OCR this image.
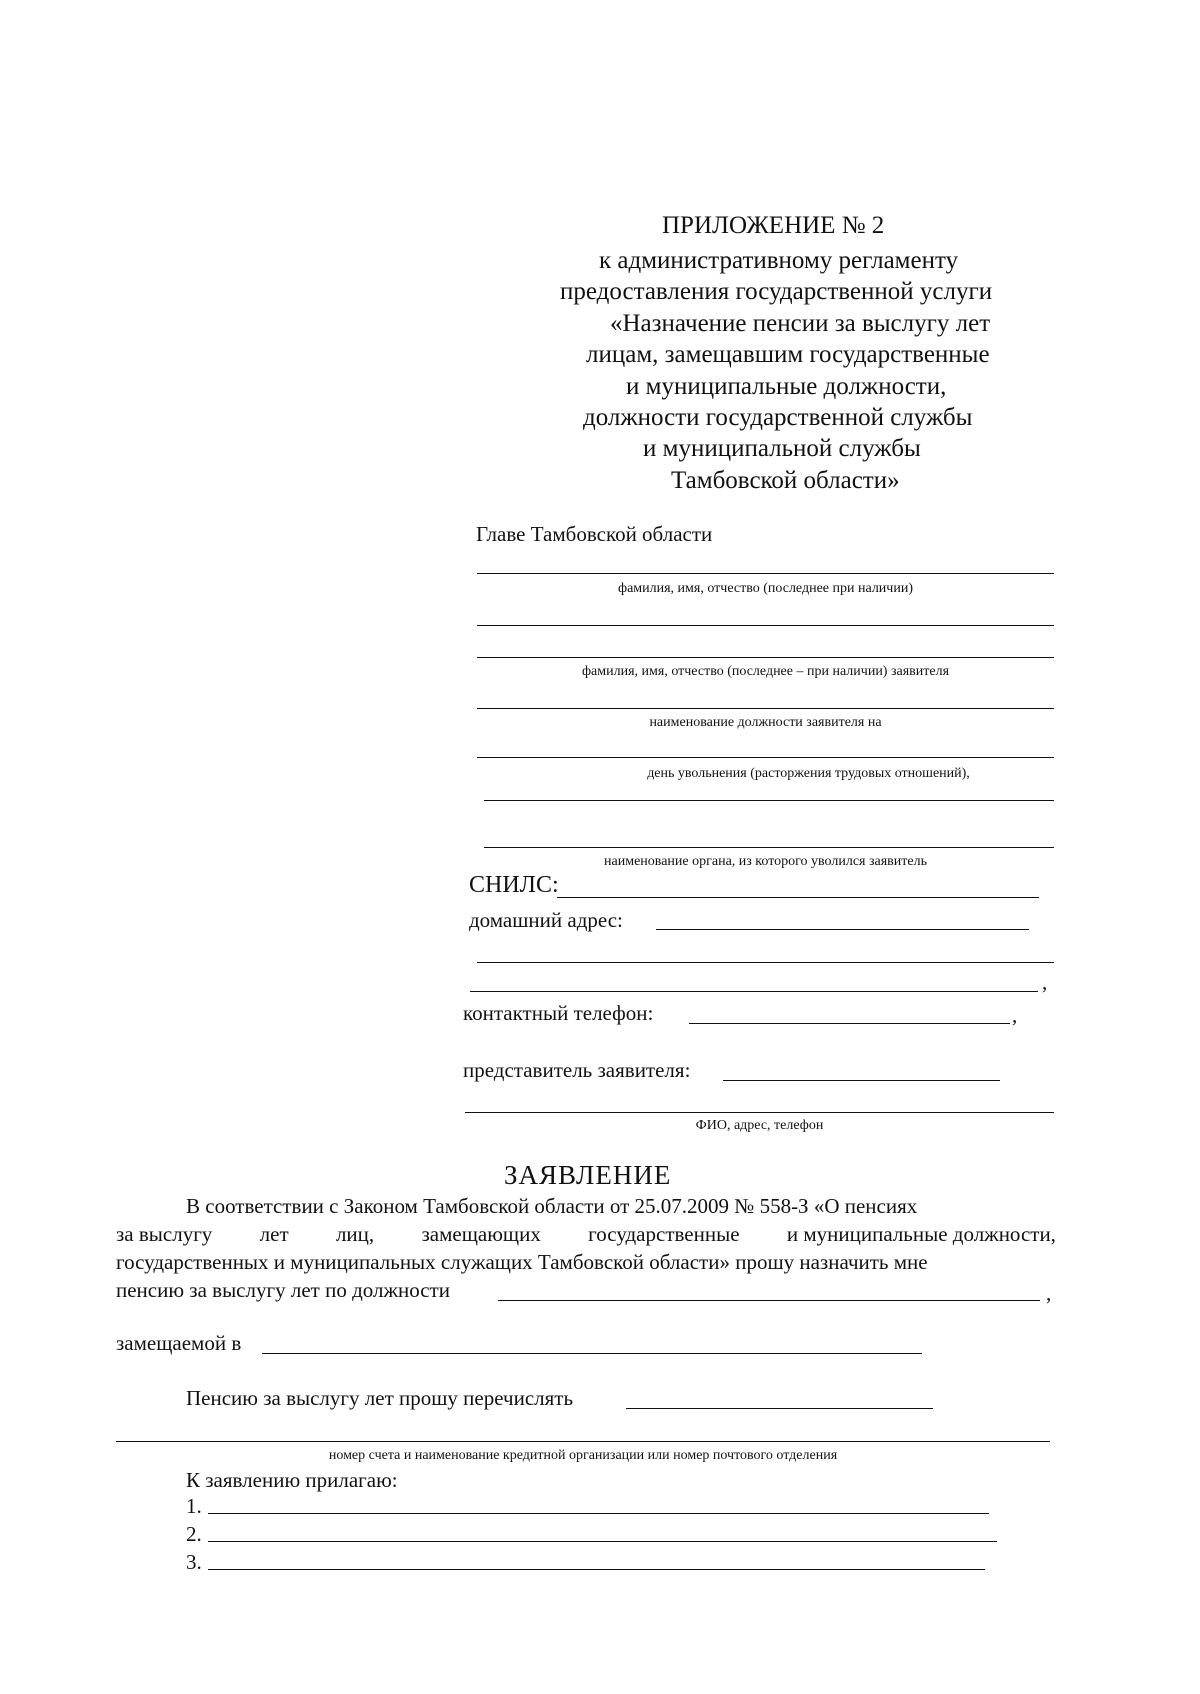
ПРИЛОЖЕНИЕ № 2
к административному регламенту
предоставления государственной услуги
«Назначение пенсии за выслугу лет
лицам, замещавшим государственные
и муниципальные должности,
должности государственной службы
и муниципальной службы
Тамбовской области»
Главе Тамбовской области
фамилия, имя, отчество (последнее при наличии)
фамилия, имя, отчество (последнее – при наличии) заявителя
наименование должности заявителя на
день увольнения (расторжения трудовых отношений),
наименование органа, из которого уволился заявитель
СНИЛС:
домашний адрес:
,
контактный телефон:	,
представитель заявителя:
ФИО, адрес, телефон
ЗАЯВЛЕНИЕ
В соответствии с Законом Тамбовской области от 25.07.2009 № 558-З «О пенсиях
за выслугу лет лиц, замещающих государственные и муниципальные должности,
государственных и муниципальных служащих Тамбовской области» прошу назначить мне
пенсию за выслугу лет по должности	,
замещаемой в
Пенсию за выслугу лет прошу перечислять
номер счета и наименование кредитной организации или номер почтового отделения
К заявлению прилагаю:
1.
2.
3.
